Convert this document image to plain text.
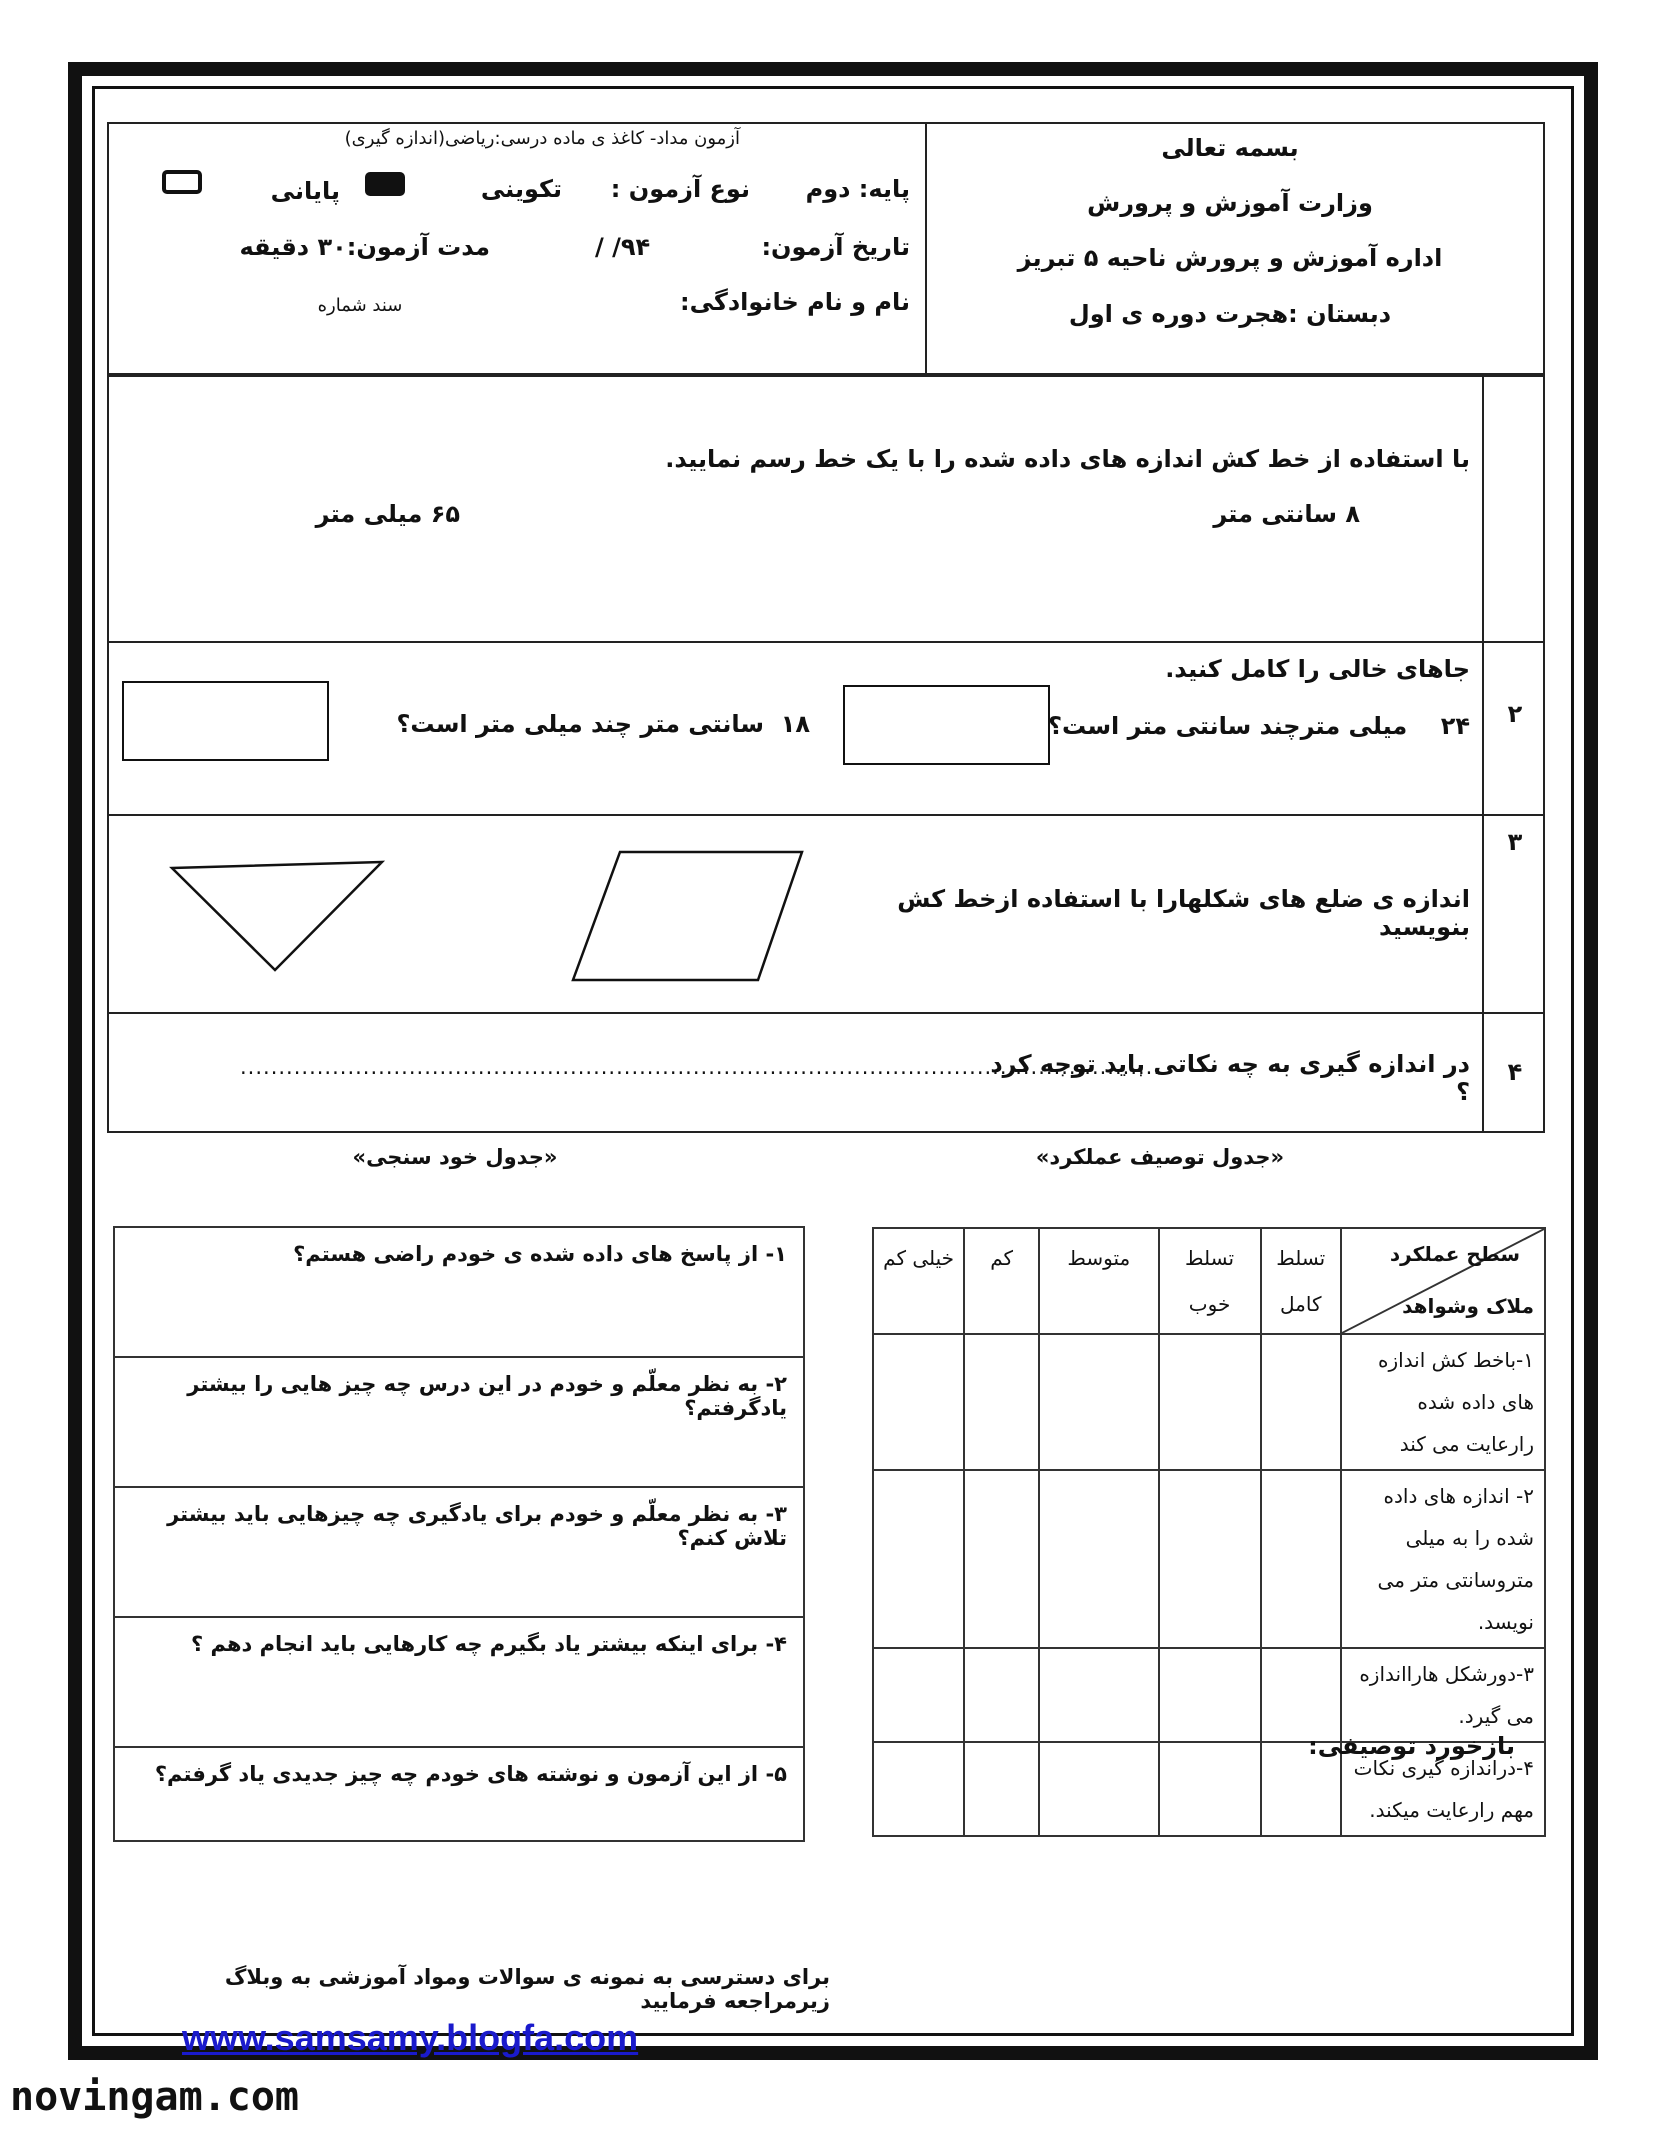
بسمه تعالی
وزارت آموزش و پرورش
اداره آموزش و پرورش ناحیه ۵ تبریز
دبستان :هجرت دوره ی اول
آزمون مداد- کاغذ ی ماده درسی:ریاضی(اندازه گیری)
پایه: دوم
نوع آزمون :
تکوینی
پایانی
تاریخ آزمون:
/ /۹۴
مدت آزمون:۳۰ دقیقه
نام و نام خانوادگی:
سند شماره
با استفاده از خط کش اندازه های داده شده را با یک خط رسم نمایید.
۸ سانتی متر
۶۵ میلی متر
۲
جاهای خالی را کامل کنید.
۲۴    میلی مترچند سانتی متر است؟
۱۸  سانتی متر چند میلی متر است؟
۳
اندازه ی ضلع های شکلهارا با استفاده ازخط کش بنویسید
۴
در اندازه گیری به چه نکاتی باید توجه کرد ؟
........................................................................................................................
«جدول خود سنجی»	«جدول توصیف عملکرد»
سطح عملکرد
ملاک وشواهد	تسلط کامل	تسلط خوب	متوسط	کم	خیلی کم
۱-باخط کش اندازه های داده شده رارعایت می کند					
۲- اندازه های داده شده را به میلی متروسانتی متر می نویسد.					
۳-دورشکل هارااندازه می گیرد.					
۴-دراندازه گیری نکات مهم رارعایت میکند.					
بازخورد توصیفی:
۱- از پاسخ های داده شده ی خودم راضی هستم؟
۲- به نظر معلّم و خودم در این درس چه چیز هایی را بیشتر یادگرفتم؟
۳- به نظر معلّم و خودم برای یادگیری چه چیزهایی باید بیشتر تلاش کنم؟
۴- برای اینکه بیشتر یاد بگیرم چه کارهایی باید انجام دهم ؟
۵- از این آزمون و نوشته های خودم چه چیز جدیدی یاد گرفتم؟
برای دسترسی به نمونه ی سوالات ومواد آموزشی به وبلاگ زیرمراجعه فرمایید
www.samsamy.blogfa.com
novingam.com
